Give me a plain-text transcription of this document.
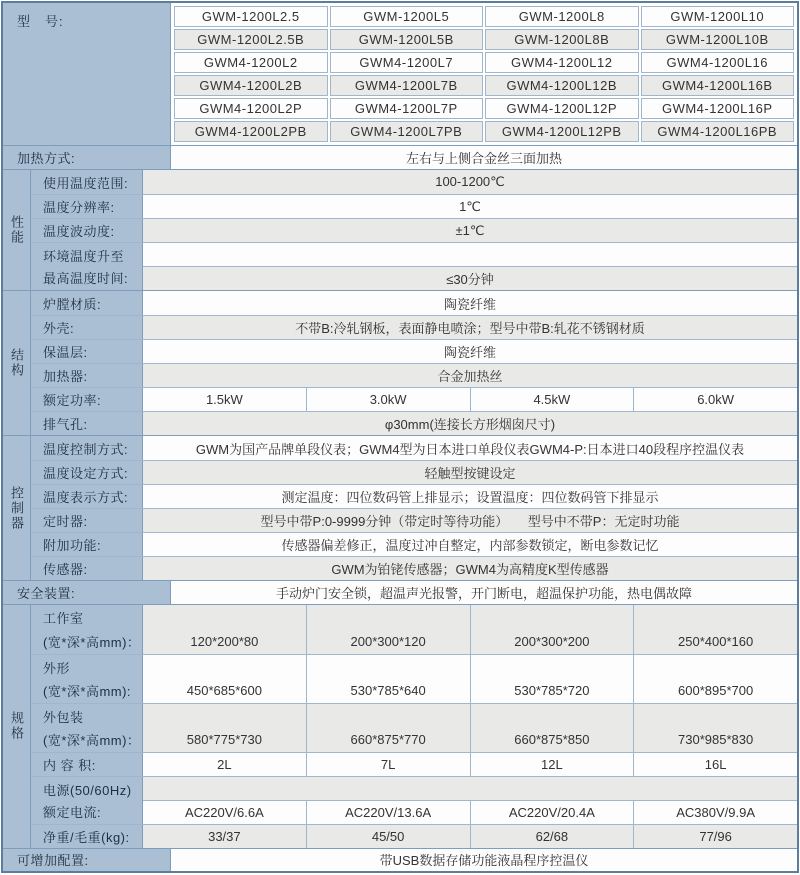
型　号:	GWM-1200L2.5	GWM-1200L5	GWM-1200L8	GWM-1200L10
GWM-1200L2.5B	GWM-1200L5B	GWM-1200L8B	GWM-1200L10B
GWM4-1200L2	GWM4-1200L7	GWM4-1200L12	GWM4-1200L16
GWM4-1200L2B	GWM4-1200L7B	GWM4-1200L12B	GWM4-1200L16B
GWM4-1200L2P	GWM4-1200L7P	GWM4-1200L12P	GWM4-1200L16P
GWM4-1200L2PB	GWM4-1200L7PB	GWM4-1200L12PB	GWM4-1200L16PB
加热方式:	左右与上侧合金丝三面加热
性能
使用温度范围:	100-1200℃
温度分辨率:	1℃
温度波动度:	±1℃
环境温度升至
最高温度时间:	≤30分钟
结构
炉膛材质:	陶瓷纤维
外壳:	不带B:冷轧钢板，表面静电喷涂；型号中带B:轧花不锈钢材质
保温层:	陶瓷纤维
加热器:	合金加热丝
额定功率:	1.5kW	3.0kW	4.5kW	6.0kW
排气孔:	φ30mm(连接长方形烟囱尺寸)
控制器
温度控制方式:	GWM为国产品牌单段仪表；GWM4型为日本进口单段仪表GWM4-P:日本进口40段程序控温仪表
温度设定方式:	轻触型按键设定
温度表示方式:	测定温度：四位数码管上排显示；设置温度：四位数码管下排显示
定时器:	型号中带P:0-9999分钟（带定时等待功能）　　型号中不带P：无定时功能
附加功能:	传感器偏差修正，温度过冲自整定，内部参数锁定，断电参数记忆
传感器:	GWM为铂铑传感器；GWM4为高精度K型传感器
安全装置:	手动炉门安全锁，超温声光报警，开门断电，超温保护功能，热电偶故障
规格
工作室
(宽*深*高mm)：	120*200*80	200*300*120	200*300*200	250*400*160
外形
(宽*深*高mm):	450*685*600	530*785*640	530*785*720	600*895*700
外包装
(宽*深*高mm)：	580*775*730	660*875*770	660*875*850	730*985*830
内 容 积:	2L	7L	12L	16L
电源(50/60Hz)
额定电流:	AC220V/6.6A	AC220V/13.6A	AC220V/20.4A	AC380V/9.9A
净重/毛重(kg):	33/37	45/50	62/68	77/96
可增加配置:	带USB数据存储功能液晶程序控温仪
